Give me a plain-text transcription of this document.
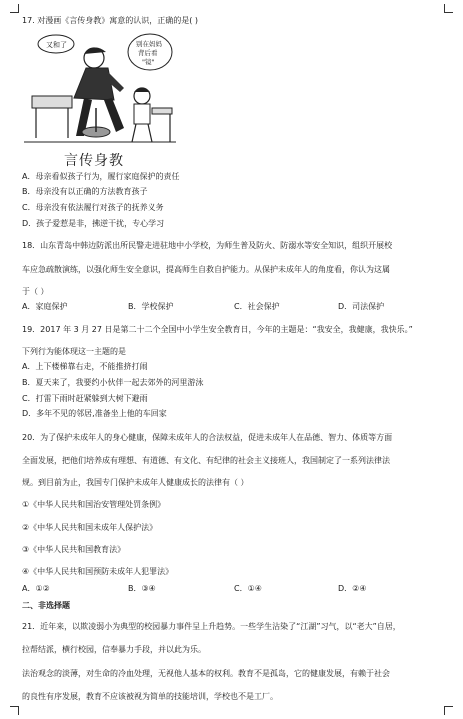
17. 对漫画《言传身教》寓意的认识，正确的是( )
又和了	别在妈妈
背后看
"镜"
言传身教
A．母亲看似孩子行为，履行家庭保护的责任
B．母亲没有以正确的方法教育孩子
C．母亲没有依法履行对孩子的抚养义务
D．孩子爱惹是非，拂逆干扰，专心学习
18．山东青岛中韩边防派出所民警走进驻地中小学校，为师生普及防火、防溺水等安全知识，组织开展校
车应急疏散演练，以强化师生安全意识，提高师生自救自护能力。从保护未成年人的角度看，你认为这属
于（ ）
A．家庭保护	B．学校保护	C．社会保护	D．司法保护
19．2017 年 3 月 27 日是第二十二个全国中小学生安全教育日，今年的主题是：“我安全，我健康，我快乐。”
下列行为能体现这一主题的是
A．上下楼梯靠右走，不能推挤打闹
B．夏天来了，我要约小伙伴一起去郊外的河里游泳
C．打雷下雨时赶紧躲到大树下避雨
D．多年不见的邻居,准备坐上他的车回家
20．为了保护未成年人的身心健康，保障未成年人的合法权益，促进未成年人在品德、智力、体质等方面
全面发展，把他们培养成有理想、有道德、有文化、有纪律的社会主义接班人，我国制定了一系列法律法
规。到目前为止，我国专门保护未成年人健康成长的法律有（ ）
①《中华人民共和国治安管理处罚条例》
②《中华人民共和国未成年人保护法》
③《中华人民共和国教育法》
④《中华人民共和国预防未成年人犯罪法》
A．①②	B．③④	C．①④	D．②④
二、非选择题
21．近年来，以欺凌弱小为典型的校园暴力事件呈上升趋势。一些学生沾染了“江湖”习气，以“老大”自居，
拉帮结派，横行校园，信奉暴力手段，并以此为乐。
法治观念的淡薄，对生命的冷血处理，无视他人基本的权利。教育不是孤岛，它的健康发展，有赖于社会
的良性有序发展，教育不应该被视为简单的技能培训，学校也不是工厂。
